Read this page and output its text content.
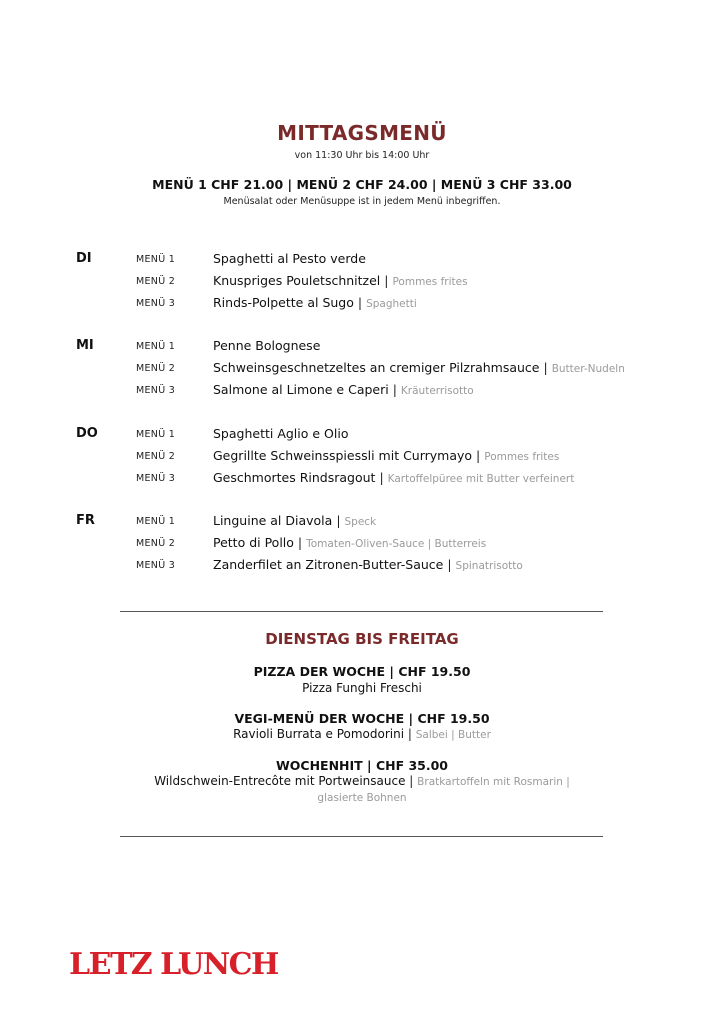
MITTAGSMENÜ
von 11:30 Uhr bis 14:00 Uhr
MENÜ 1 CHF 21.00 | MENÜ 2 CHF 24.00 | MENÜ 3 CHF 33.00
Menüsalat oder Menüsuppe ist in jedem Menü inbegriffen.
DI	MENÜ 1	Spaghetti al Pesto verde
MENÜ 2	Knuspriges Pouletschnitzel | Pommes frites
MENÜ 3	Rinds-Polpette al Sugo | Spaghetti
MI	MENÜ 1	Penne Bolognese
MENÜ 2	Schweinsgeschnetzeltes an cremiger Pilzrahmsauce | Butter-Nudeln
MENÜ 3	Salmone al Limone e Caperi | Kräuterrisotto
DO	MENÜ 1	Spaghetti Aglio e Olio
MENÜ 2	Gegrillte Schweinsspiessli mit Currymayo | Pommes frites
MENÜ 3	Geschmortes Rindsragout | Kartoffelpüree mit Butter verfeinert
FR	MENÜ 1	Linguine al Diavola | Speck
MENÜ 2	Petto di Pollo | Tomaten-Oliven-Sauce | Butterreis
MENÜ 3	Zanderfilet an Zitronen-Butter-Sauce | Spinatrisotto
DIENSTAG BIS FREITAG
PIZZA DER WOCHE | CHF 19.50
Pizza Funghi Freschi
VEGI-MENÜ DER WOCHE | CHF 19.50
Ravioli Burrata e Pomodorini | Salbei | Butter
WOCHENHIT | CHF 35.00
Wildschwein-Entrecôte mit Portweinsauce | Bratkartoffeln mit Rosmarin |
glasierte Bohnen
LETZ LUNCH
